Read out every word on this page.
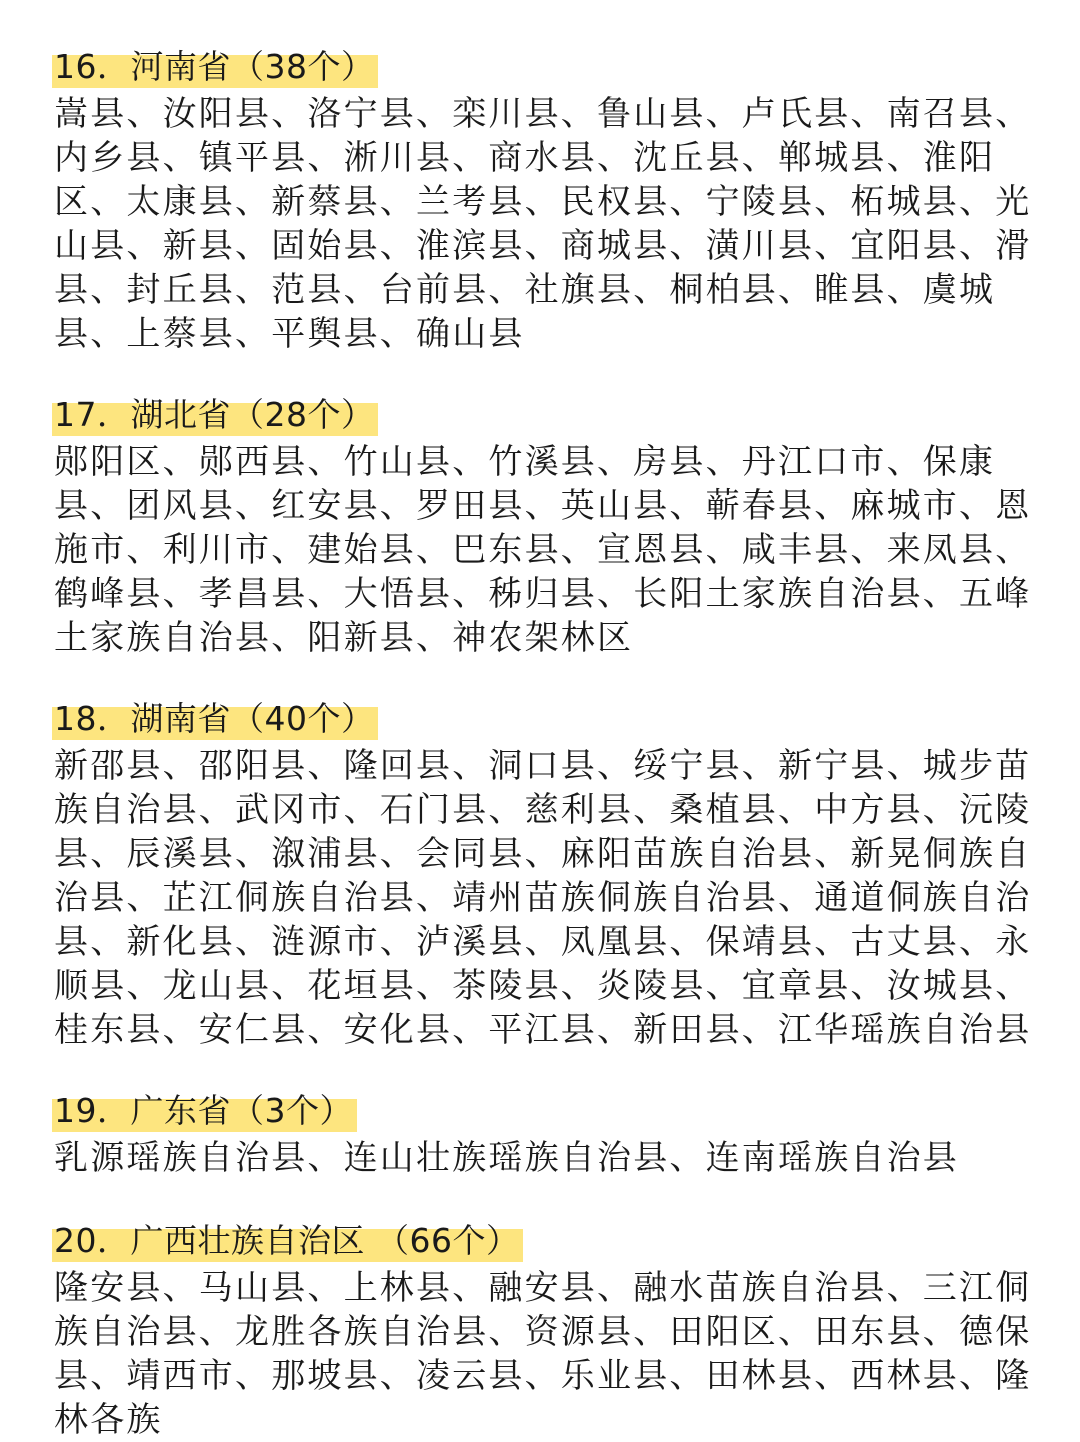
16．河南省（38个）

嵩县、汝阳县、洛宁县、栾川县、鲁山县、卢氏县、南召县、内乡县、镇平县、淅川县、商水县、沈丘县、郸城县、淮阳区、太康县、新蔡县、兰考县、民权县、宁陵县、柘城县、光山县、新县、固始县、淮滨县、商城县、潢川县、宜阳县、滑县、封丘县、范县、台前县、社旗县、桐柏县、睢县、虞城县、上蔡县、平舆县、确山县

17．湖北省（28个）

郧阳区、郧西县、竹山县、竹溪县、房县、丹江口市、保康县、团风县、红安县、罗田县、英山县、蕲春县、麻城市、恩施市、利川市、建始县、巴东县、宣恩县、咸丰县、来凤县、鹤峰县、孝昌县、大悟县、秭归县、长阳土家族自治县、五峰土家族自治县、阳新县、神农架林区

18．湖南省（40个）

新邵县、邵阳县、隆回县、洞口县、绥宁县、新宁县、城步苗族自治县、武冈市、石门县、慈利县、桑植县、中方县、沅陵县、辰溪县、溆浦县、会同县、麻阳苗族自治县、新晃侗族自治县、芷江侗族自治县、靖州苗族侗族自治县、通道侗族自治县、新化县、涟源市、泸溪县、凤凰县、保靖县、古丈县、永顺县、龙山县、花垣县、茶陵县、炎陵县、宜章县、汝城县、桂东县、安仁县、安化县、平江县、新田县、江华瑶族自治县

19．广东省（3个）

乳源瑶族自治县、连山壮族瑶族自治县、连南瑶族自治县

20．广西壮族自治区 （66个）

隆安县、马山县、上林县、融安县、融水苗族自治县、三江侗族自治县、龙胜各族自治县、资源县、田阳区、田东县、德保县、靖西市、那坡县、凌云县、乐业县、田林县、西林县、隆林各族
